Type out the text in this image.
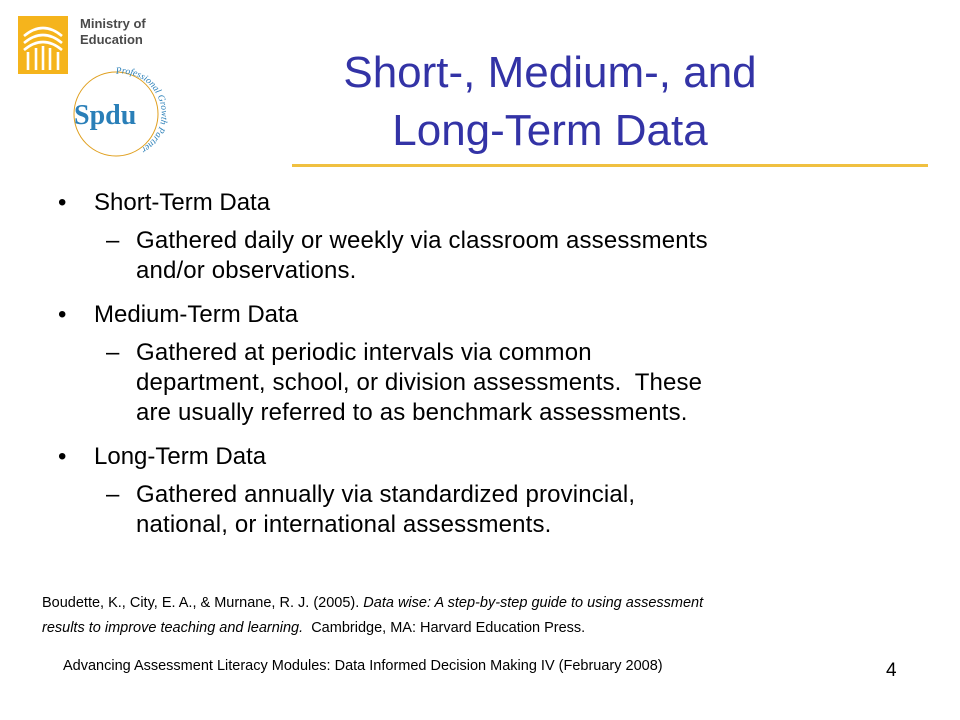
Ministry of
Education
Professional Growth Partner
Spdu
Short-, Medium-, and
Long-Term Data
• Short-Term Data
– Gathered daily or weekly via classroom assessments
and/or observations.
• Medium-Term Data
– Gathered at periodic intervals via common
department, school, or division assessments.  These
are usually referred to as benchmark assessments.
• Long-Term Data
– Gathered annually via standardized provincial,
national, or international assessments.
Boudette, K., City, E. A., & Murnane, R. J. (2005). Data wise: A step-by-step guide to using assessment
results to improve teaching and learning.  Cambridge, MA: Harvard Education Press.
Advancing Assessment Literacy Modules: Data Informed Decision Making IV (February 2008)	4
